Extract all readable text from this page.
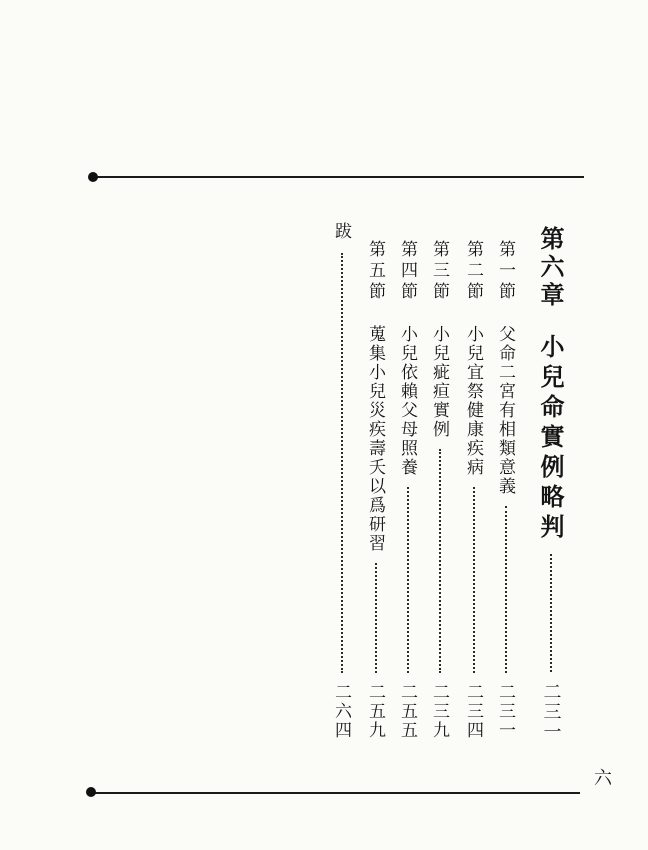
第六章
小兒命實例略判
二三一
第一節
父命二宮有相類意義
二三一
第二節
小兒宜祭健康疾病
二三四
第三節
小兒疵疸實例
二三九
第四節
小兒依賴父母照養
二五五
第五節
蒐集小兒災疾壽夭以爲研習
二五九
跋
二六四
六
